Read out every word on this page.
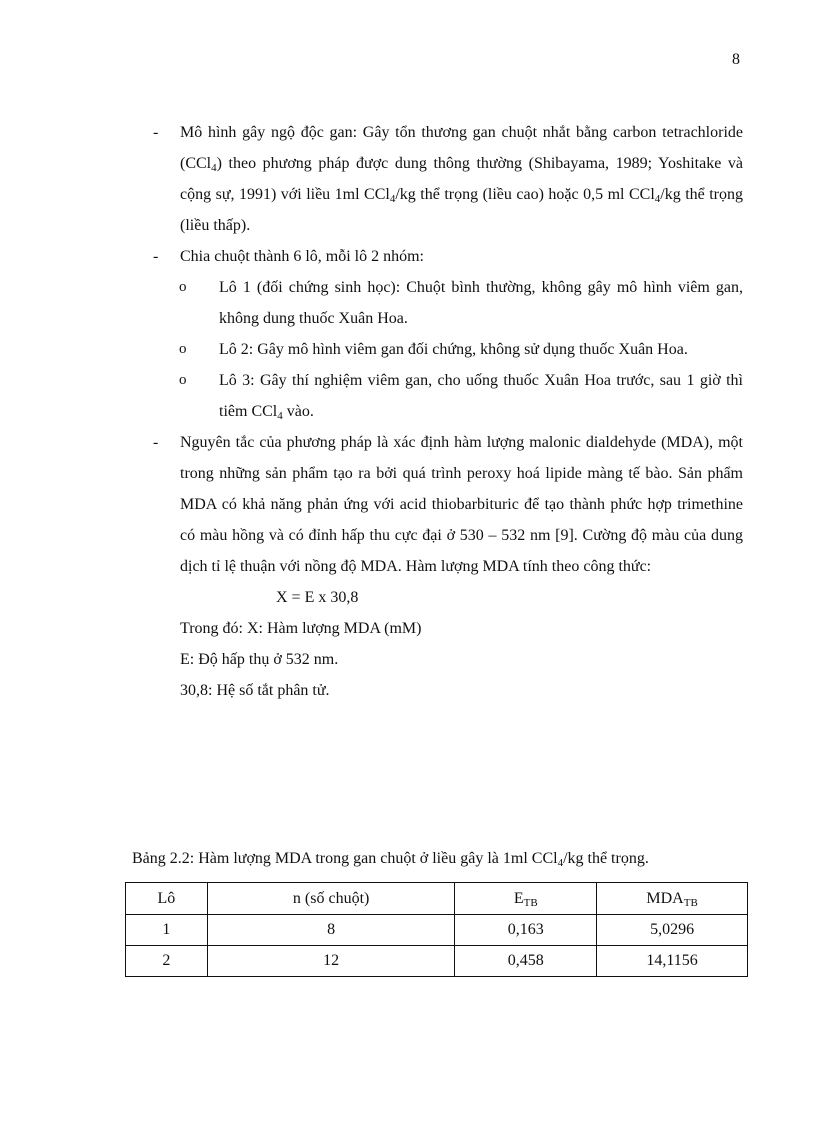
8
- Mô hình gây ngộ độc gan: Gây tổn thương gan chuột nhắt bằng carbon tetrachloride (CCl$_4$) theo phương pháp được dung thông thường (Shibayama, 1989; Yoshitake và cộng sự, 1991) với liều 1ml CCl$_4$/kg thể trọng (liều cao) hoặc 0,5 ml CCl$_4$/kg thể trọng (liều thấp).
- Chia chuột thành 6 lô, mỗi lô 2 nhóm:
o Lô 1 (đối chứng sinh học): Chuột bình thường, không gây mô hình viêm gan, không dung thuốc Xuân Hoa.
o Lô 2: Gây mô hình viêm gan đối chứng, không sử dụng thuốc Xuân Hoa.
o Lô 3: Gây thí nghiệm viêm gan, cho uống thuốc Xuân Hoa trước, sau 1 giờ thì tiêm CCl$_4$ vào.
- Nguyên tắc của phương pháp là xác định hàm lượng malonic dialdehyde (MDA), một trong những sản phẩm tạo ra bởi quá trình peroxy hoá lipide màng tế bào. Sản phẩm MDA có khả năng phản ứng với acid thiobarbituric để tạo thành phức hợp trimethine có màu hồng và có đỉnh hấp thu cực đại ở 530 – 532 nm [9]. Cường độ màu của dung dịch tỉ lệ thuận với nồng độ MDA. Hàm lượng MDA tính theo công thức:
X = E x 30,8
Trong đó: X: Hàm lượng MDA (mM)
E: Độ hấp thụ ở 532 nm.
30,8: Hệ số tắt phân tử.
Bảng 2.2: Hàm lượng MDA trong gan chuột ở liều gây là 1ml CCl$_4$/kg thể trọng.
Lô	n (số chuột)	$E_{TB}$	$MDA_{TB}$
1	8	0,163	5,0296
2	12	0,458	14,1156
